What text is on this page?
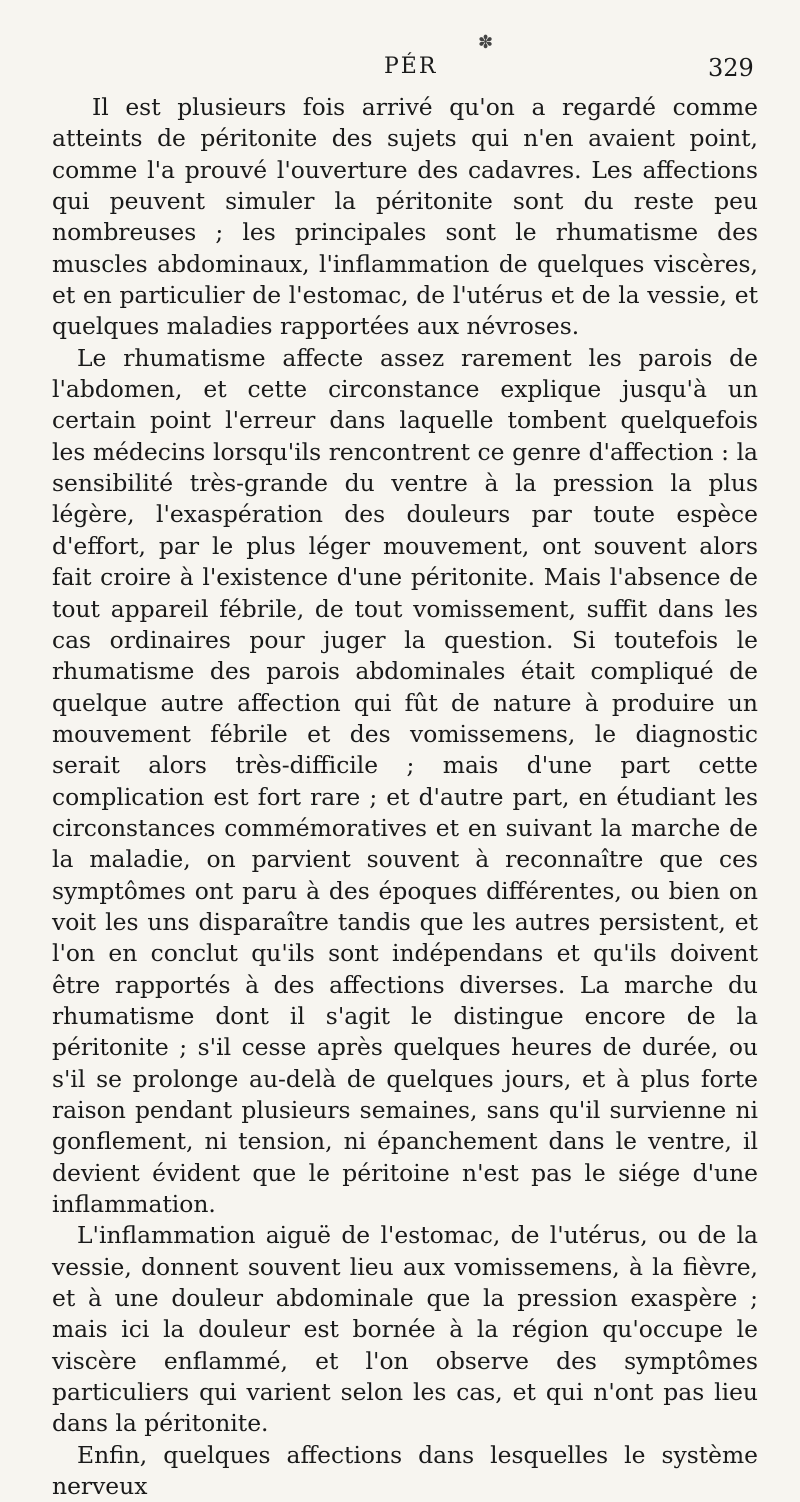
✽
PÉR	329

Il est plusieurs fois arrivé qu'on a regardé comme atteints de péritonite des sujets qui n'en avaient point, comme l'a prouvé l'ouverture des cadavres. Les affections qui peuvent simuler la péritonite sont du reste peu nombreuses ; les principales sont le rhumatisme des muscles abdominaux, l'inflammation de quelques viscères, et en particulier de l'estomac, de l'utérus et de la vessie, et quelques maladies rapportées aux névroses.

Le rhumatisme affecte assez rarement les parois de l'abdomen, et cette circonstance explique jusqu'à un certain point l'erreur dans laquelle tombent quelquefois les médecins lorsqu'ils rencontrent ce genre d'affection : la sensibilité très-grande du ventre à la pression la plus légère, l'exaspération des douleurs par toute espèce d'effort, par le plus léger mouvement, ont souvent alors fait croire à l'existence d'une péritonite. Mais l'absence de tout appareil fébrile, de tout vomissement, suffit dans les cas ordinaires pour juger la question. Si toutefois le rhumatisme des parois abdominales était compliqué de quelque autre affection qui fût de nature à produire un mouvement fébrile et des vomissemens, le diagnostic serait alors très-difficile ; mais d'une part cette complication est fort rare ; et d'autre part, en étudiant les circonstances commémoratives et en suivant la marche de la maladie, on parvient souvent à reconnaître que ces symptômes ont paru à des époques différentes, ou bien on voit les uns disparaître tandis que les autres persistent, et l'on en conclut qu'ils sont indépendans et qu'ils doivent être rapportés à des affections diverses. La marche du rhumatisme dont il s'agit le distingue encore de la péritonite ; s'il cesse après quelques heures de durée, ou s'il se prolonge au-delà de quelques jours, et à plus forte raison pendant plusieurs semaines, sans qu'il survienne ni gonflement, ni tension, ni épanchement dans le ventre, il devient évident que le péritoine n'est pas le siége d'une inflammation.

L'inflammation aiguë de l'estomac, de l'utérus, ou de la vessie, donnent souvent lieu aux vomissemens, à la fièvre, et à une douleur abdominale que la pression exaspère ; mais ici la douleur est bornée à la région qu'occupe le viscère enflammé, et l'on observe des symptômes particuliers qui varient selon les cas, et qui n'ont pas lieu dans la péritonite.

Enfin, quelques affections dans lesquelles le système nerveux
